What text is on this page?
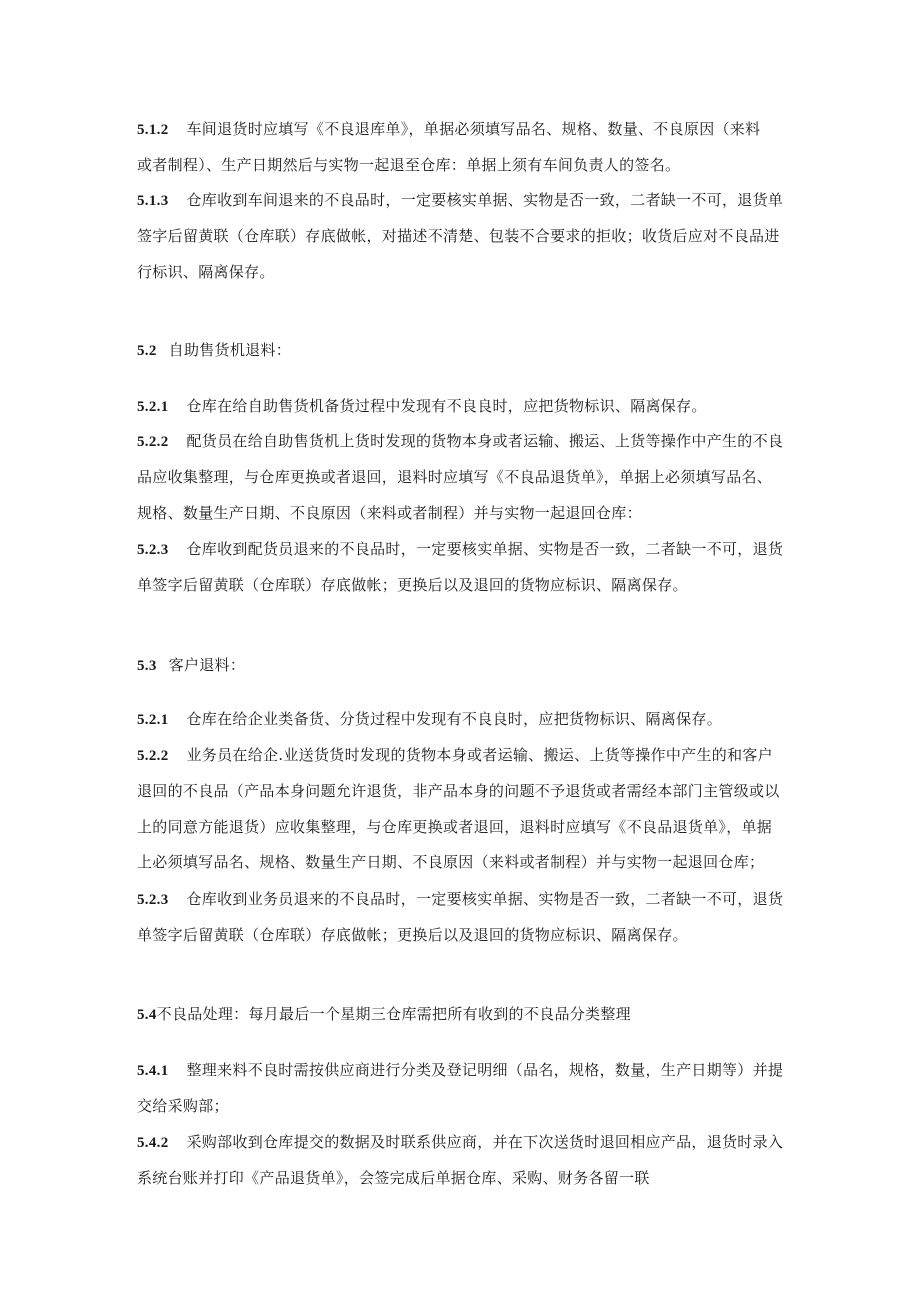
5.1.2 车间退货时应填写《不良退库单》，单据必须填写品名、规格、数量、不良原因（来料
或者制程）、生产日期然后与实物一起退至仓库：单据上须有车间负责人的签名。
5.1.3 仓库收到车间退来的不良品时，一定要核实单据、实物是否一致，二者缺一不可，退货单
签字后留黄联（仓库联）存底做帐，对描述不清楚、包装不合要求的拒收；收货后应对不良品进
行标识、隔离保存。
5.2 自助售货机退料：
5.2.1 仓库在给自助售货机备货过程中发现有不良良时，应把货物标识、隔离保存。
5.2.2 配货员在给自助售货机上货时发现的货物本身或者运输、搬运、上货等操作中产生的不良
品应收集整理，与仓库更换或者退回，退料时应填写《不良品退货单》，单据上必须填写品名、
规格、数量生产日期、不良原因（来料或者制程）并与实物一起退回仓库：
5.2.3 仓库收到配货员退来的不良品时，一定要核实单据、实物是否一致，二者缺一不可，退货
单签字后留黄联（仓库联）存底做帐；更换后以及退回的货物应标识、隔离保存。
5.3 客户退料：
5.2.1 仓库在给企业类备货、分货过程中发现有不良良时，应把货物标识、隔离保存。
5.2.2 业务员在给企.业送货货时发现的货物本身或者运输、搬运、上货等操作中产生的和客户
退回的不良品（产品本身问题允许退货，非产品本身的问题不予退货或者需经本部门主管级或以
上的同意方能退货）应收集整理，与仓库更换或者退回，退料时应填写《不良品退货单》，单据
上必须填写品名、规格、数量生产日期、不良原因（来料或者制程）并与实物一起退回仓库；
5.2.3 仓库收到业务员退来的不良品时，一定要核实单据、实物是否一致，二者缺一不可，退货
单签字后留黄联（仓库联）存底做帐；更换后以及退回的货物应标识、隔离保存。
5.4不良品处理：每月最后一个星期三仓库需把所有收到的不良品分类整理
5.4.1 整理来料不良时需按供应商进行分类及登记明细（品名，规格，数量，生产日期等）并提
交给采购部；
5.4.2 采购部收到仓库提交的数据及时联系供应商，并在下次送货时退回相应产品，退货时录入
系统台账并打印《产品退货单》，会签完成后单据仓库、采购、财务各留一联
